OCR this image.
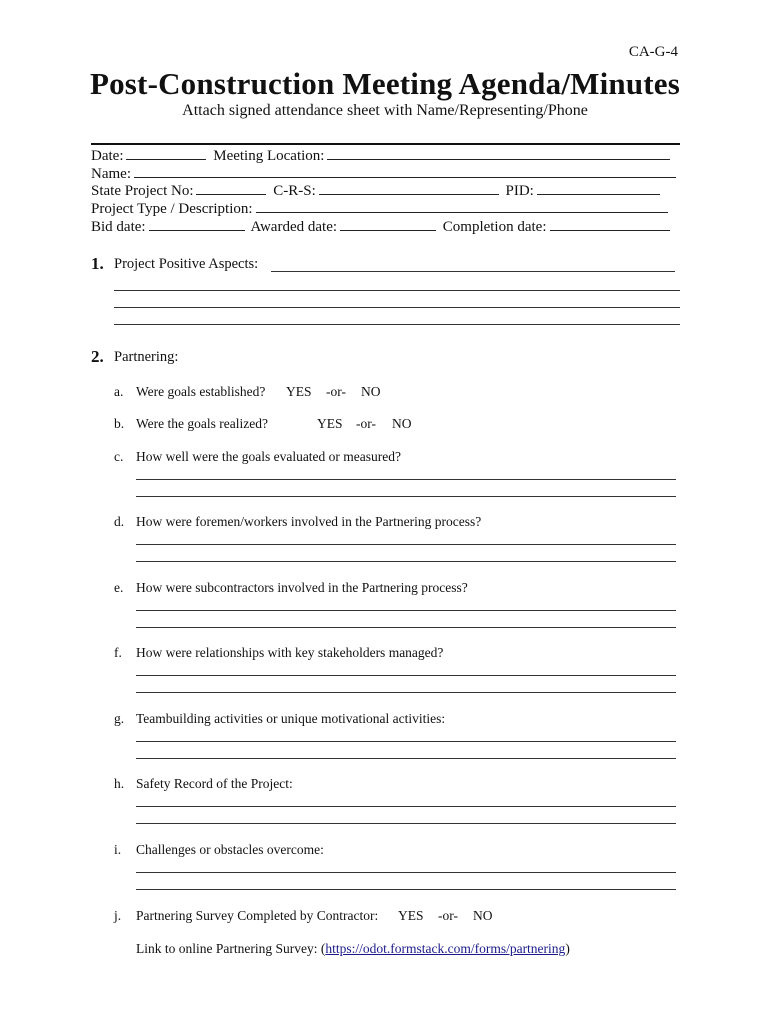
CA-G-4
Post-Construction Meeting Agenda/Minutes
Attach signed attendance sheet with Name/Representing/Phone
Date:	Meeting Location:
Name:
State Project No:	C-R-S:	PID:
Project Type / Description:
Bid date:	Awarded date:	Completion date:
1. Project Positive Aspects:
2. Partnering:
a. Were goals established? YES -or- NO
b. Were the goals realized?	YES -or- NO
c. How well were the goals evaluated or measured?
d. How were foremen/workers involved in the Partnering process?
e. How were subcontractors involved in the Partnering process?
f. How were relationships with key stakeholders managed?
g. Teambuilding activities or unique motivational activities:
h. Safety Record of the Project:
i. Challenges or obstacles overcome:
j. Partnering Survey Completed by Contractor: YES -or- NO
Link to online Partnering Survey: (https://odot.formstack.com/forms/partnering)
